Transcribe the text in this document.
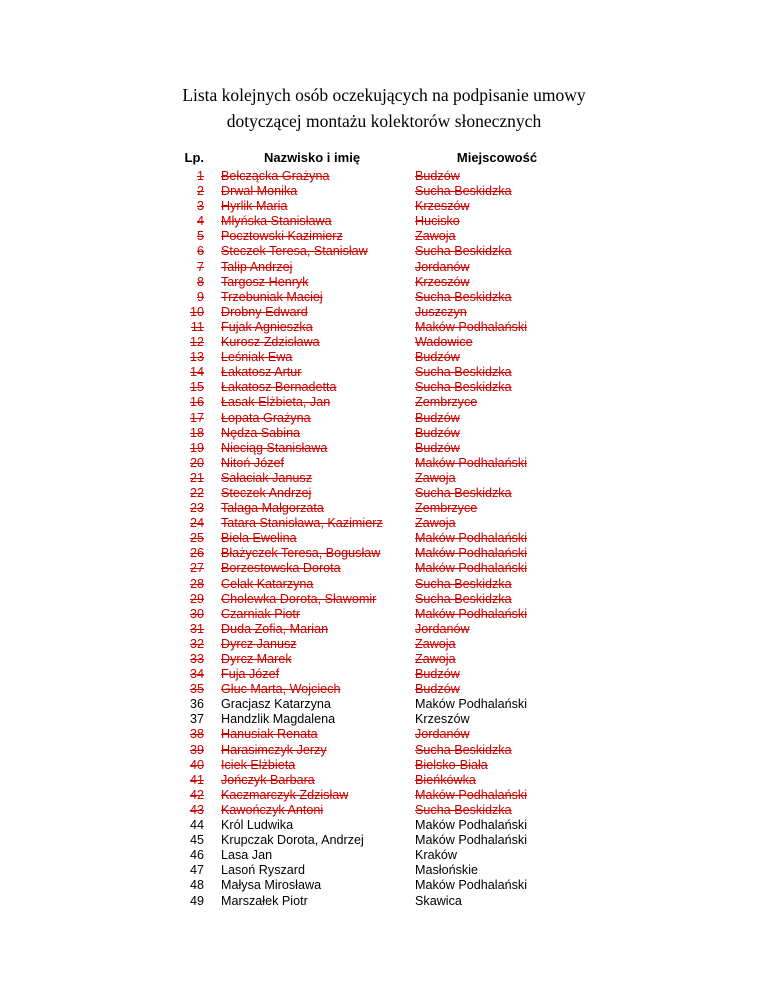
Lista kolejnych osób oczekujących na podpisanie umowy

dotyczącej montażu kolektorów słonecznych

Lp.	Nazwisko i imię	Miejscowość
1 Bełczącka Grażyna	Budzów
2 Drwal Monika	Sucha Beskidzka
3 Hyrlik Maria	Krzeszów
4 Młyńska Stanisława	Hucisko
5 Pocztowski Kazimierz	Zawoja
6 Steczek Teresa, Stanisław	Sucha Beskidzka
7 Talip Andrzej	Jordanów
8 Targosz Henryk	Krzeszów
9 Trzebuniak Maciej	Sucha Beskidzka
10 Drobny Edward	Juszczyn
11 Fujak Agnieszka	Maków Podhalański
12 Kurosz Zdzisława	Wadowice
13 Leśniak Ewa	Budzów
14 Łakatosz Artur	Sucha Beskidzka
15 Łakatosz Bernadetta	Sucha Beskidzka
16 Łasak Elżbieta, Jan	Zembrzyce
17 Łopata Grażyna	Budzów
18 Nędza Sabina	Budzów
19 Nieciąg Stanisława	Budzów
20 Nitoń Józef	Maków Podhalański
21 Sałaciak Janusz	Zawoja
22 Steczek Andrzej	Sucha Beskidzka
23 Talaga Małgorzata	Zembrzyce
24 Tatara Stanisława, Kazimierz	Zawoja
25 Biela Ewelina	Maków Podhalański
26 Błażyczek Teresa, Bogusław	Maków Podhalański
27 Borzestowska Dorota	Maków Podhalański
28 Celak Katarzyna	Sucha Beskidzka
29 Cholewka Dorota, Sławomir	Sucha Beskidzka
30 Czarniak Piotr	Maków Podhalański
31 Duda Zofia, Marian	Jordanów
32 Dyrcz Janusz	Zawoja
33 Dyrcz Marek	Zawoja
34 Fuja Józef	Budzów
35 Głuc Marta, Wojciech	Budzów
36 Gracjasz Katarzyna	Maków Podhalański
37 Handzlik Magdalena	Krzeszów
38 Hanusiak Renata	Jordanów
39 Harasimczyk Jerzy	Sucha Beskidzka
40 Iciek Elżbieta	Bielsko-Biała
41 Jończyk Barbara	Bieńkówka
42 Kaczmarczyk Zdzisław	Maków Podhalański
43 Kawończyk Antoni	Sucha Beskidzka
44 Król Ludwika	Maków Podhalański
45 Krupczak Dorota, Andrzej	Maków Podhalański
46 Lasa Jan	Kraków
47 Lasoń Ryszard	Masłońskie
48 Małysa Mirosława	Maków Podhalański
49 Marszałek Piotr	Skawica
